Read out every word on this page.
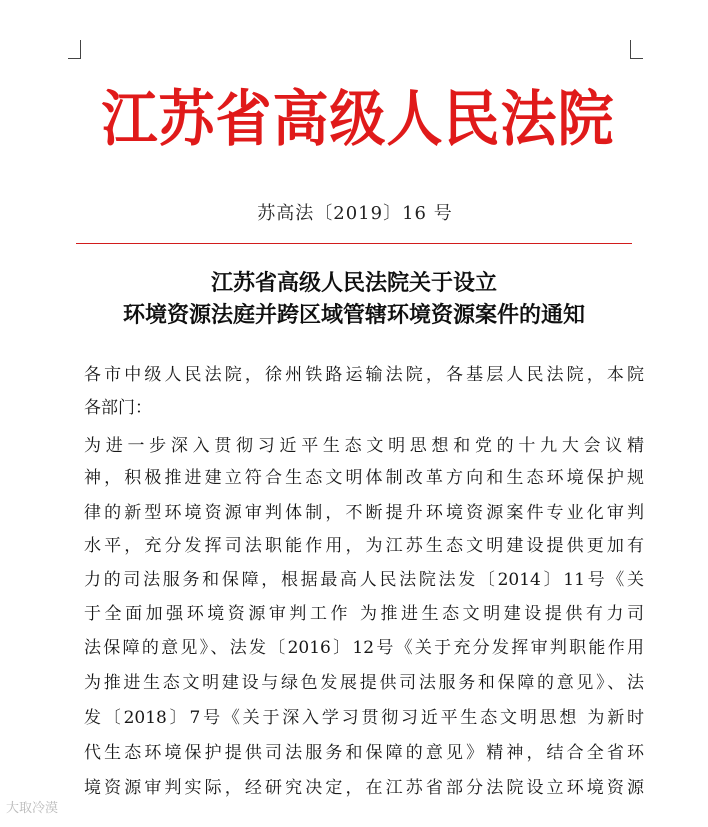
江苏省高级人民法院
苏高法〔2019〕16 号
江苏省高级人民法院关于设立
环境资源法庭并跨区域管辖环境资源案件的通知
各市中级人民法院，徐州铁路运输法院，各基层人民法院，本院
各部门：
为进一步深入贯彻习近平生态文明思想和党的十九大会议精
神，积极推进建立符合生态文明体制改革方向和生态环境保护规
律的新型环境资源审判体制，不断提升环境资源案件专业化审判
水平，充分发挥司法职能作用，为江苏生态文明建设提供更加有
力的司法服务和保障，根据最高人民法院法发〔2014〕11号《关
于全面加强环境资源审判工作 为推进生态文明建设提供有力司
法保障的意见》、法发〔2016〕12号《关于充分发挥审判职能作用
为推进生态文明建设与绿色发展提供司法服务和保障的意见》、法
发〔2018〕7号《关于深入学习贯彻习近平生态文明思想 为新时
代生态环境保护提供司法服务和保障的意见》精神，结合全省环
境资源审判实际，经研究决定，在江苏省部分法院设立环境资源
大取冷漠
